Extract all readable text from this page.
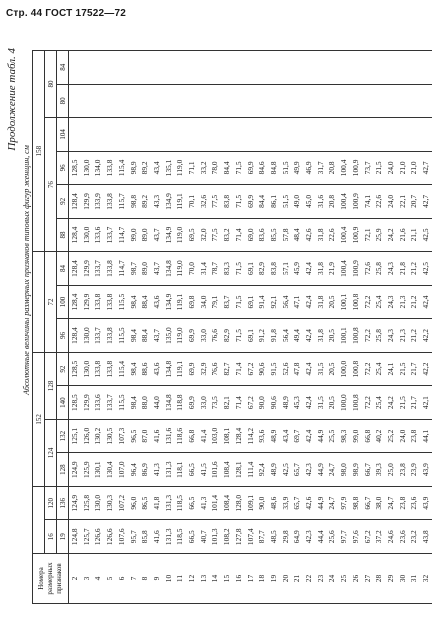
Стр. 44 ГОСТ 17522—72
Продолжение табл. 4
Абсолютные величины размерных признаков типовых фигур женщин, см
Номера размерных признаков			152							158					
	16	120	124		128		72			76				80	
	19	136	128	132	140	92	96	100	84	88	92	96	104	80	84
2	124,8	124,9	124,9	125,1	128,5	128,5	128,4	128,4	128,4	128,4	128,4	128,5			
3	125,7	125,8	125,9	126,0	129,9	130,0	130,0	129,9	129,9	130,0	129,9	130,0			
4	126,6	130,0	130,1	130,2	133,6	133,8	133,7	133,8	133,7	133,6	133,9	134,0			
5	126,6	130,3	130,4	130,5	133,7	133,8	133,8	133,8	133,8	133,7	133,8	133,8			
6	107,6	107,2	107,0	107,3	115,5	115,4	115,5	115,5	114,7	114,7	115,7	115,4			
7	95,7	96,0	96,4	96,5	98,4	98,4	98,4	98,4	98,7	99,0	98,8	98,9			
8	85,8	86,5	86,9	87,0	88,0	88,6	88,4	88,4	89,0	89,0	89,2	89,2			
9	41,6	41,8	41,3	41,6	44,0	43,6	43,7	43,6	43,7	43,7	43,3	43,4			
10	131,3	131,3	131,3	131,6	134,8	134,8	135,0	134,9	134,8	134,9	134,9	135,1			
11	118,5	118,5	118,1	118,6	118,8	119,1	119,0	119,1	119,0	119,0	119,1	119,0			
12	66,5	66,5	66,5	66,8	69,9	69,9	69,9	69,8	70,0	69,5	70,1	71,1			
13	40,7	41,3	41,5	41,4	33,0	32,9	33,0	34,0	31,4	32,0	32,6	33,2			
14	101,3	101,4	101,6	103,0	73,5	76,6	76,6	79,1	78,7	77,5	77,5	78,0			
15	108,2	108,4	108,4	108,1	82,1	82,7	82,9	83,7	83,3	83,2	83,8	84,4			
16	127,8	128,0	128,1	128,4	71,4	71,4	71,5	71,5	71,5	71,4	71,5	71,5			
17	107,4	109,1	111,4	114,2	67,2	67,2	69,1	69,1	69,1	69,0	69,9	69,9			
18	87,7	90,0	92,4	93,6	90,0	90,6	91,2	91,4	82,9	83,6	84,4	84,6			
19	48,5	48,6	48,9	48,9	90,6	91,5	91,8	92,1	83,8	85,5	86,1	84,8			
20	29,8	33,9	42,5	43,4	48,9	52,6	56,4	56,4	57,1	57,8	51,5	51,5			
21	64,9	65,7	65,7	69,7	45,3	47,8	49,4	47,1	45,9	48,4	49,0	49,9			
22	42,3	42,6	42,3	42,4	42,4	42,4	42,4	42,4	42,4	42,6	45,0	46,9			
23	44,4	44,9	44,9	44,9	31,5	31,5	31,8	31,8	31,8	31,8	31,6	31,7			
24	25,6	24,7	24,7	25,5	20,5	20,5	20,5	20,5	21,9	22,6	20,8	20,8			
25	97,7	97,9	98,0	98,3	100,0	100,0	100,1	100,1	100,4	100,4	100,4	100,4			
26	97,6	98,8	98,9	99,0	100,8	100,8	100,8	100,8	100,9	100,9	100,9	100,9			
27	67,2	66,7	66,7	66,8	72,2	72,2	72,2	72,2	72,6	72,1	74,1	73,7			
28	37,2	38,0	39,3	40,2	25,4	25,4	25,8	25,4	25,8	25,9	22,6	21,5			
29	24,6	24,7	25,0	25,2	24,2	24,1	24,3	24,3	24,3	24,2	24,0	24,0			
30	23,6	23,8	23,8	24,0	21,5	21,5	21,3	21,3	21,8	21,6	22,1	21,0			
31	23,2	23,6	23,9	23,8	21,7	21,7	21,2	21,2	21,2	21,1	20,7	21,0			
32	43,8	43,9	43,9	44,1	42,1	42,2	42,2	42,4	42,5	42,5	42,7	42,7			
